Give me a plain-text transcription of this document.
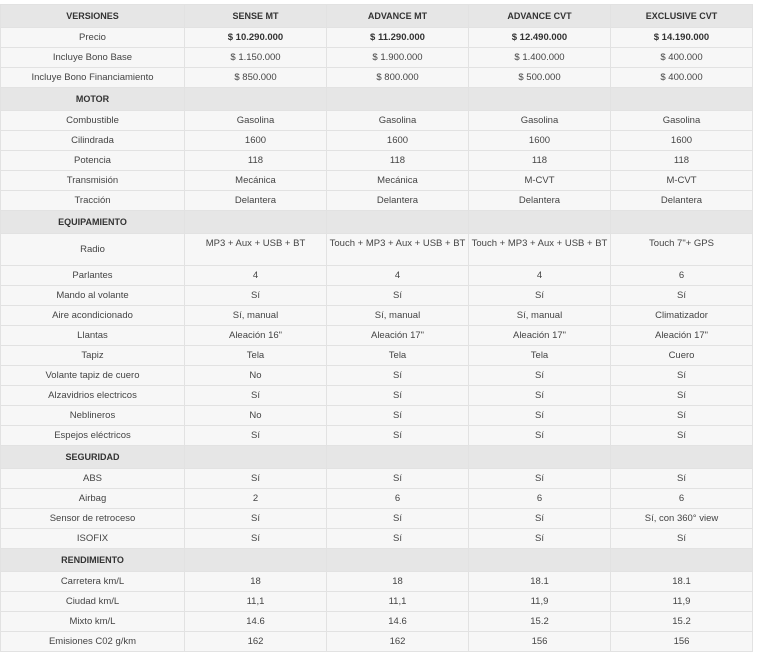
VERSIONES	SENSE MT	ADVANCE MT	ADVANCE CVT	EXCLUSIVE CVT
Precio	$ 10.290.000	$ 11.290.000	$ 12.490.000	$ 14.190.000
Incluye Bono Base	$ 1.150.000	$ 1.900.000	$ 1.400.000	$ 400.000
Incluye Bono Financiamiento	$ 850.000	$ 800.000	$ 500.000	$ 400.000
MOTOR				
Combustible	Gasolina	Gasolina	Gasolina	Gasolina
Cilindrada	1600	1600	1600	1600
Potencia	118	118	118	118
Transmisión	Mecánica	Mecánica	M-CVT	M-CVT
Tracción	Delantera	Delantera	Delantera	Delantera
EQUIPAMIENTO				
Radio	MP3 + Aux + USB + BT	Touch + MP3 + Aux + USB + BT	Touch + MP3 + Aux + USB + BT	Touch 7"+ GPS
Parlantes	4	4	4	6
Mando al volante	Sí	Sí	Sí	Sí
Aire acondicionado	Sí, manual	Sí, manual	Sí, manual	Climatizador
Llantas	Aleación 16"	Aleación 17"	Aleación 17"	Aleación 17"
Tapiz	Tela	Tela	Tela	Cuero
Volante tapiz de cuero	No	Sí	Sí	Sí
Alzavidrios electricos	Sí	Sí	Sí	Sí
Neblineros	No	Sí	Sí	Sí
Espejos eléctricos	Sí	Sí	Sí	Sí
SEGURIDAD				
ABS	Sí	Sí	Sí	Sí
Airbag	2	6	6	6
Sensor de retroceso	Sí	Sí	Sí	Sí, con 360° view
ISOFIX	Sí	Sí	Sí	Sí
RENDIMIENTO				
Carretera km/L	18	18	18.1	18.1
Ciudad km/L	11,1	11,1	11,9	11,9
Mixto km/L	14.6	14.6	15.2	15.2
Emisiones C02 g/km	162	162	156	156
